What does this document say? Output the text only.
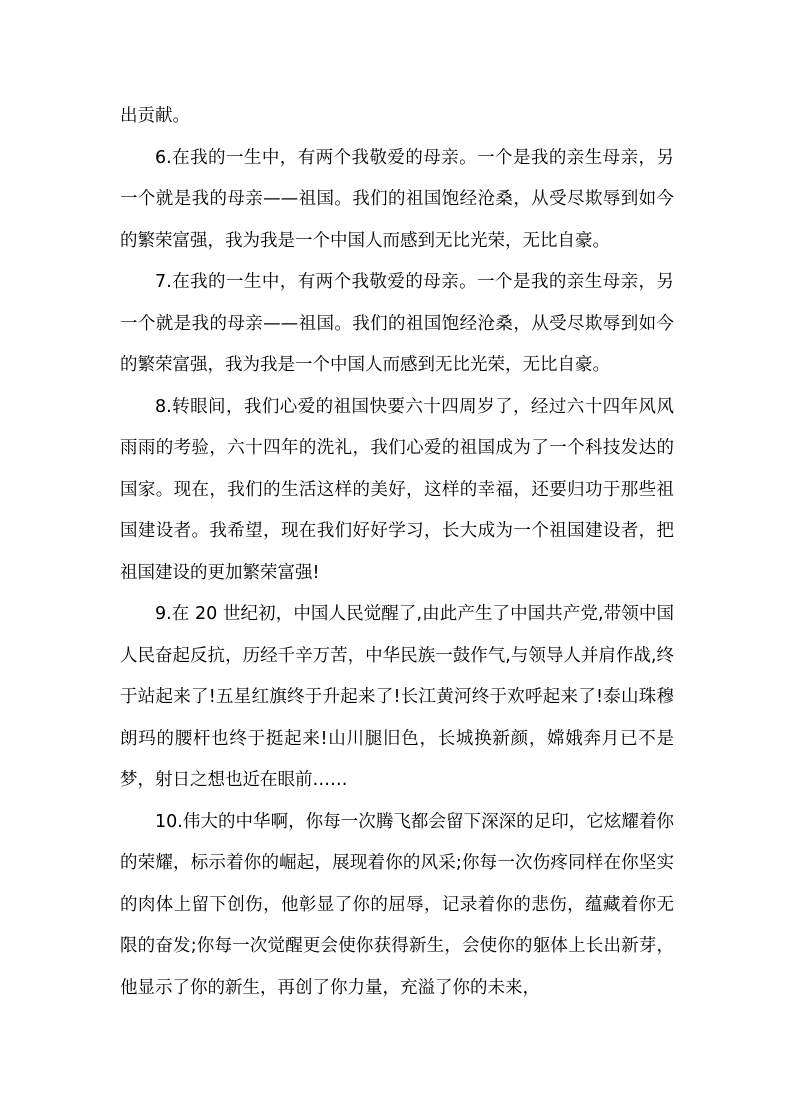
出贡献。

6.在我的一生中，有两个我敬爱的母亲。一个是我的亲生母亲，另一个就是我的母亲——祖国。我们的祖国饱经沧桑，从受尽欺辱到如今的繁荣富强，我为我是一个中国人而感到无比光荣，无比自豪。

7.在我的一生中，有两个我敬爱的母亲。一个是我的亲生母亲，另一个就是我的母亲——祖国。我们的祖国饱经沧桑，从受尽欺辱到如今的繁荣富强，我为我是一个中国人而感到无比光荣，无比自豪。

8.转眼间，我们心爱的祖国快要六十四周岁了，经过六十四年风风雨雨的考验，六十四年的洗礼，我们心爱的祖国成为了一个科技发达的国家。现在，我们的生活这样的美好，这样的幸福，还要归功于那些祖国建设者。我希望，现在我们好好学习，长大成为一个祖国建设者，把祖国建设的更加繁荣富强!

9.在 20 世纪初，中国人民觉醒了,由此产生了中国共产党,带领中国人民奋起反抗，历经千辛万苦，中华民族一鼓作气,与领导人并肩作战,终于站起来了!五星红旗终于升起来了!长江黄河终于欢呼起来了!泰山珠穆朗玛的腰杆也终于挺起来!山川腿旧色，长城换新颜，嫦娥奔月已不是梦，射日之想也近在眼前……

10.伟大的中华啊，你每一次腾飞都会留下深深的足印，它炫耀着你的荣耀，标示着你的崛起，展现着你的风采;你每一次伤疼同样在你坚实的肉体上留下创伤，他彰显了你的屈辱，记录着你的悲伤，蕴藏着你无限的奋发;你每一次觉醒更会使你获得新生，会使你的躯体上长出新芽，他显示了你的新生，再创了你力量，充溢了你的未来，
